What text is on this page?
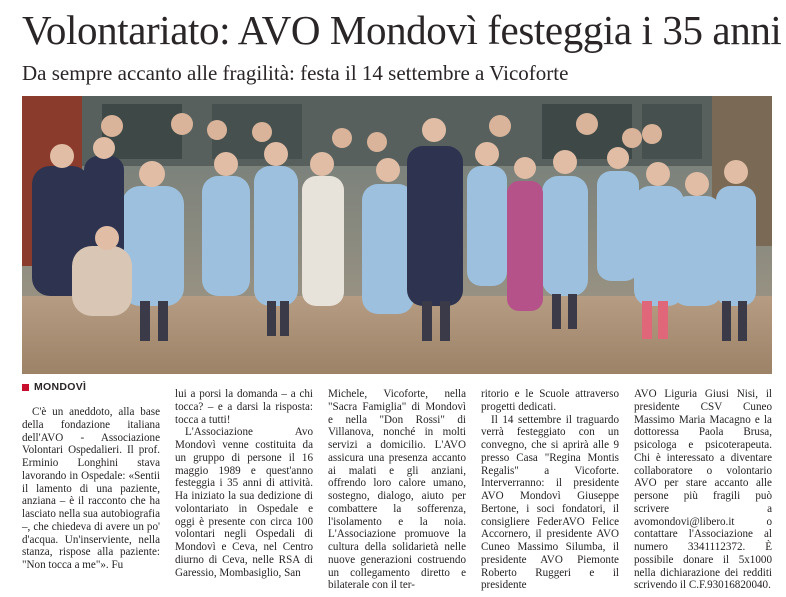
Volontariato: AVO Mondovì festeggia i 35 anni
Da sempre accanto alle fragilità: festa il 14 settembre a Vicoforte
MONDOVÌ

C'è un aneddoto, alla base della fondazione italiana dell'AVO - Associazione Volontari Ospedalieri. Il prof. Erminio Longhini stava lavorando in Ospedale: «Sentii il lamento di una paziente, anziana – è il racconto che ha lasciato nella sua autobiografia –, che chiedeva di avere un po' d'acqua. Un'inserviente, nella stanza, rispose alla paziente: "Non tocca a me"». Fu

lui a porsi la domanda – a chi tocca? – e a darsi la risposta: tocca a tutti!

L'Associazione Avo Mondovì venne costituita da un gruppo di persone il 16 maggio 1989 e quest'anno festeggia i 35 anni di attività. Ha iniziato la sua dedizione di volontariato in Ospedale e oggi è presente con circa 100 volontari negli Ospedali di Mondovì e Ceva, nel Centro diurno di Ceva, nelle RSA di Garessio, Mombasiglio, San

Michele, Vicoforte, nella "Sacra Famiglia" di Mondovì e nella "Don Rossi" di Villanova, nonché in molti servizi a domicilio. L'AVO assicura una presenza accanto ai malati e gli anziani, offrendo loro calore umano, sostegno, dialogo, aiuto per combattere la sofferenza, l'isolamento e la noia. L'Associazione promuove la cultura della solidarietà nelle nuove generazioni costruendo un collegamento diretto e bilaterale con il ter-

ritorio e le Scuole attraverso progetti dedicati.

Il 14 settembre il traguardo verrà festeggiato con un convegno, che si aprirà alle 9 presso Casa "Regina Montis Regalis" a Vicoforte. Interverranno: il presidente AVO Mondovì Giuseppe Bertone, i soci fondatori, il consigliere FederAVO Felice Accornero, il presidente AVO Cuneo Massimo Silumba, il presidente AVO Piemonte Roberto Ruggeri e il presidente

AVO Liguria Giusi Nisi, il presidente CSV Cuneo Massimo Maria Macagno e la dottoressa Paola Brusa, psicologa e psicoterapeuta. Chi è interessato a diventare collaboratore o volontario AVO per stare accanto alle persone più fragili può scrivere a avomondovi@libero.it o contattare l'Associazione al numero 3341112372. È possibile donare il 5x1000 nella dichiarazione dei redditi scrivendo il C.F.93016820040.
